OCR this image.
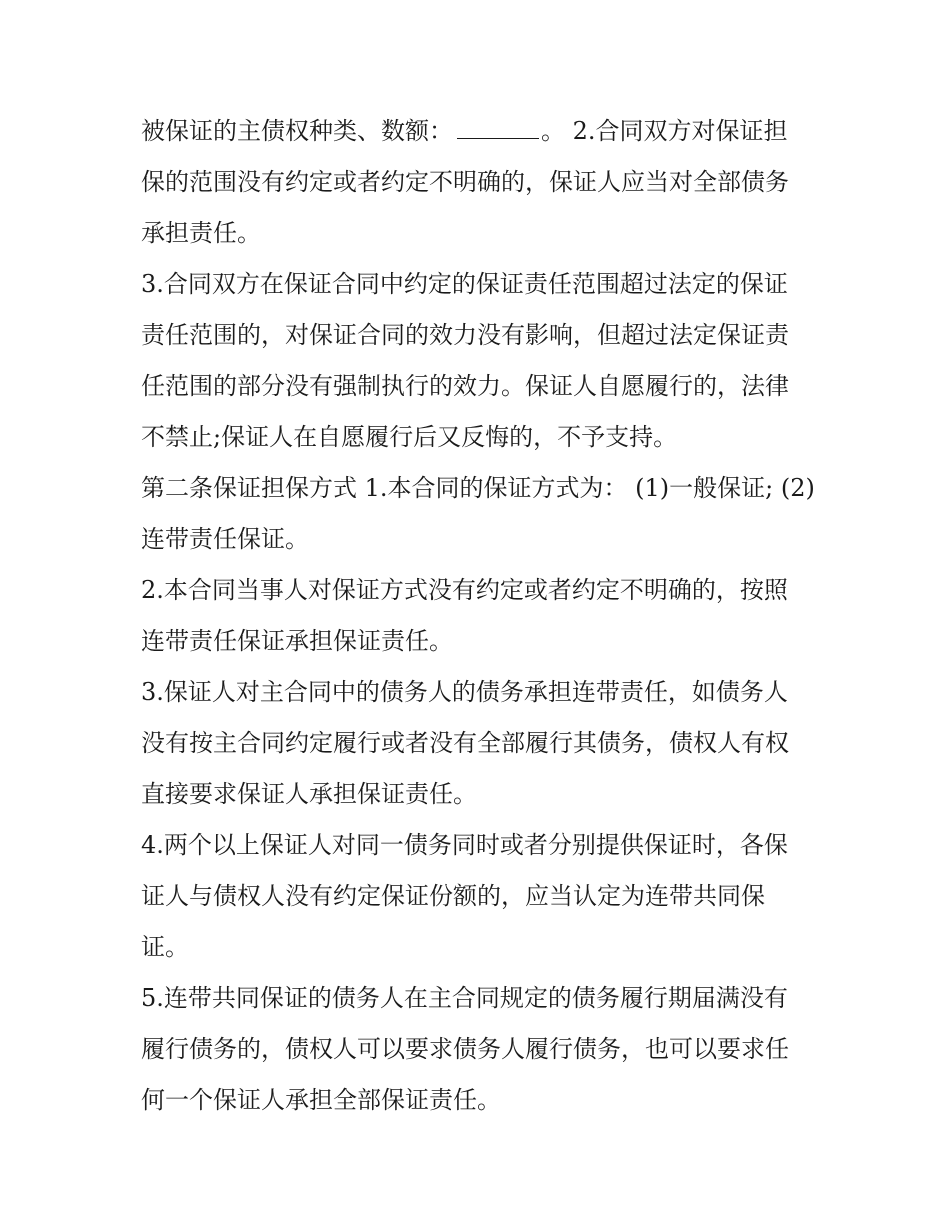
被保证的主债权种类、数额：	。 2.合同双方对保证担
保的范围没有约定或者约定不明确的，保证人应当对全部债务
承担责任。
3.合同双方在保证合同中约定的保证责任范围超过法定的保证
责任范围的，对保证合同的效力没有影响，但超过法定保证责
任范围的部分没有强制执行的效力。保证人自愿履行的，法律
不禁止;保证人在自愿履行后又反悔的，不予支持。
第二条保证担保方式 1.本合同的保证方式为： (1)一般保证; (2)
连带责任保证。
2.本合同当事人对保证方式没有约定或者约定不明确的，按照
连带责任保证承担保证责任。
3.保证人对主合同中的债务人的债务承担连带责任，如债务人
没有按主合同约定履行或者没有全部履行其债务，债权人有权
直接要求保证人承担保证责任。
4.两个以上保证人对同一债务同时或者分别提供保证时，各保
证人与债权人没有约定保证份额的，应当认定为连带共同保
证。
5.连带共同保证的债务人在主合同规定的债务履行期届满没有
履行债务的，债权人可以要求债务人履行债务，也可以要求任
何一个保证人承担全部保证责任。
